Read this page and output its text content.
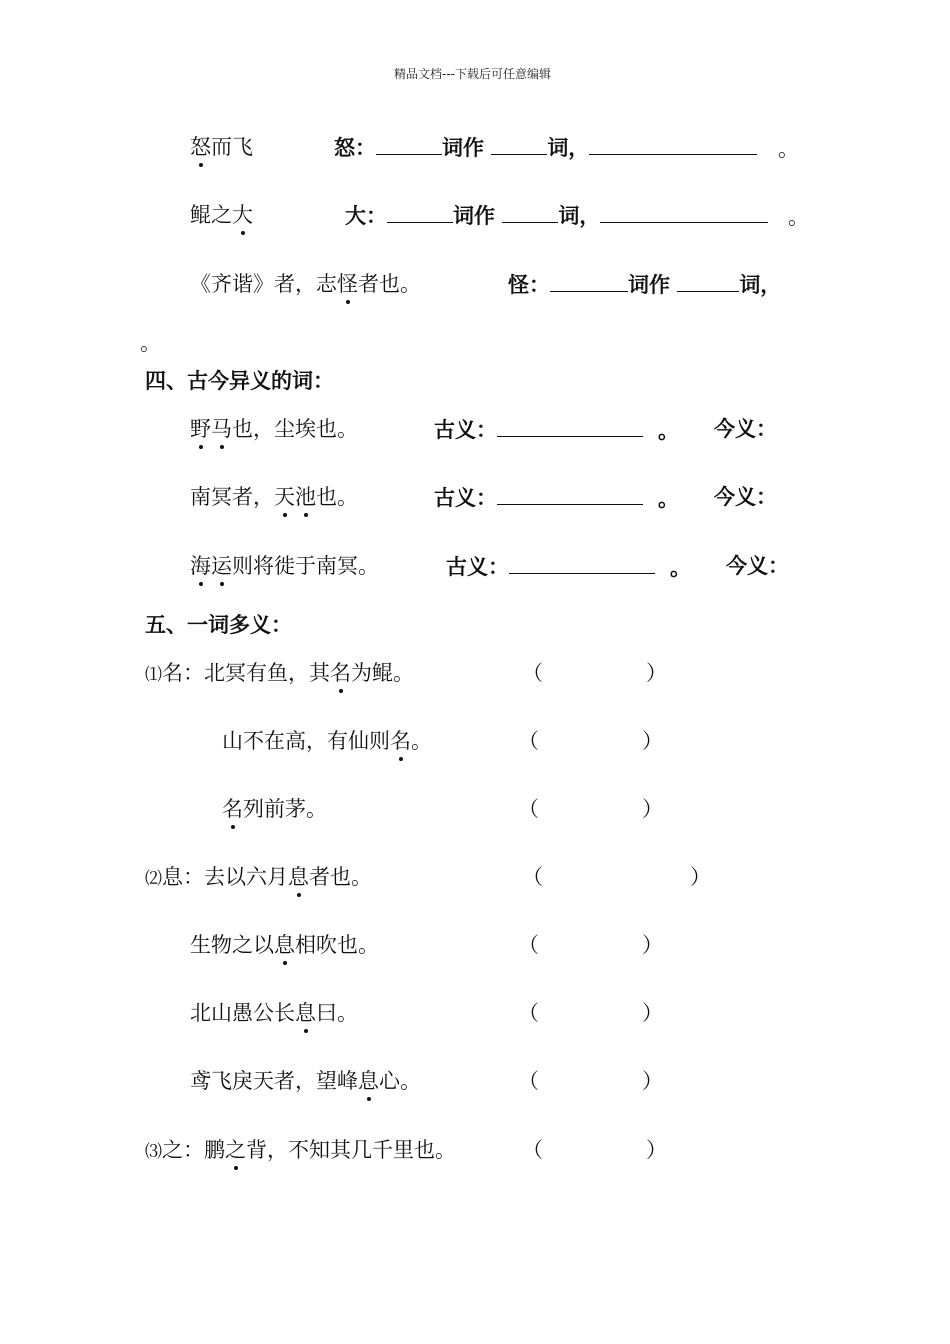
精品文档---下载后可任意编辑
怒而飞	怒：	词作	词，	。
鲲之大	大：	词作	词，	。
《齐谐》者，志怪者也。	怪：	词作	词，
。
四、古今异义的词：
野马也，尘埃也。	古义：	。 今义：
南冥者，天池也。	古义：	。 今义：
海运则将徙于南冥。	古义：	。 今义：
五、一词多义：
⑴名：北冥有鱼，其名为鲲。	（	）
山不在高，有仙则名。	（	）
名列前茅。	（	）
⑵息：去以六月息者也。	（	）
生物之以息相吹也。	（	）
北山愚公长息曰。	（	）
鸢飞戾天者，望峰息心。	（	）
⑶之：鹏之背，不知其几千里也。	（	）
